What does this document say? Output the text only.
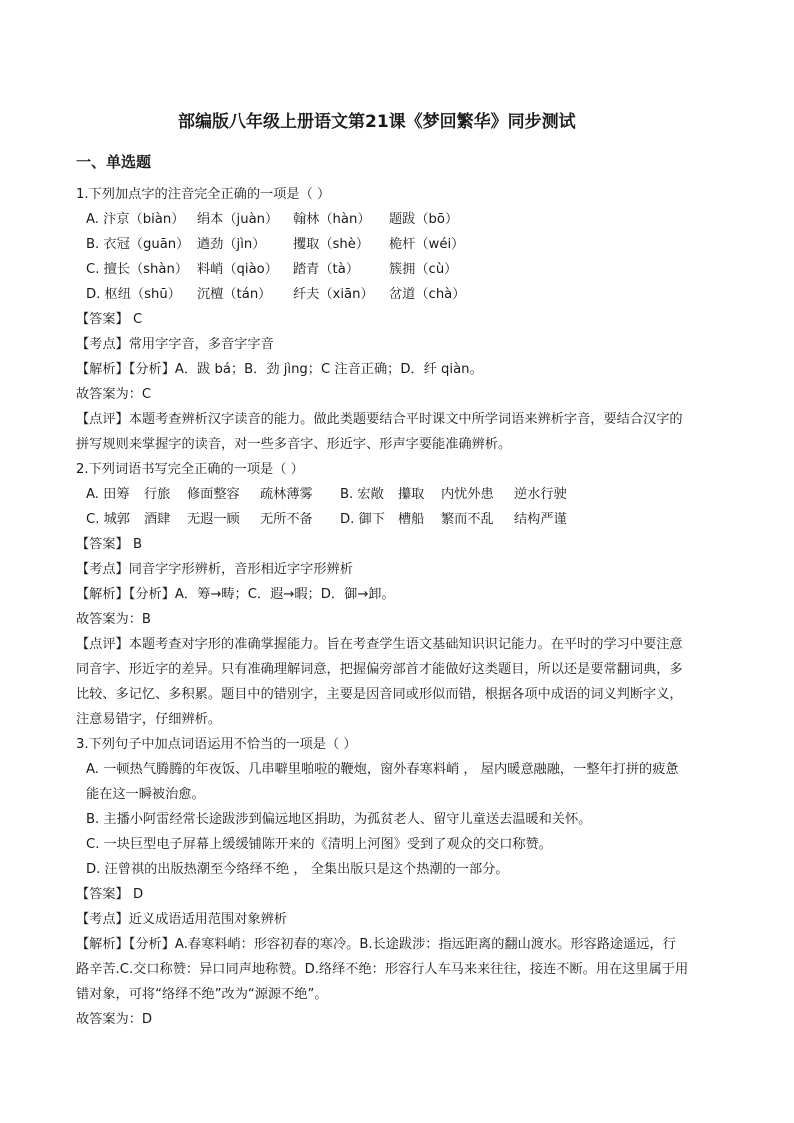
部编版八年级上册语文第21课《梦回繁华》同步测试
一、单选题
1.下列加点字的注音完全正确的一项是（ ）
A. 汴京（biàn） 绢本（juàn） 翰林（hàn） 题跋（bō）
B. 衣冠（guān） 遒劲（jìn） 攫取（shè） 桅杆（wéi）
C. 擅长（shàn） 料峭（qiào） 踏青（tà） 簇拥（cù）
D. 枢纽（shū） 沉檀（tán） 纤夫（xiān） 岔道（chà）
【答案】 C
【考点】常用字字音，多音字字音
【解析】【分析】A．跋 bá；B．劲 jìng；C 注音正确；D．纤 qiàn。
故答案为：C
【点评】本题考查辨析汉字读音的能力。做此类题要结合平时课文中所学词语来辨析字音，要结合汉字的
拼写规则来掌握字的读音，对一些多音字、形近字、形声字要能准确辨析。
2.下列词语书写完全正确的一项是（ ）
A. 田筹 行旅 修面整容 疏林薄雾 B. 宏敞 攥取 内忧外患 逆水行驶
C. 城郭 酒肆 无遐一顾 无所不备 D. 御下 槽船 繁而不乱 结构严谨
【答案】 B
【考点】同音字字形辨析，音形相近字字形辨析
【解析】【分析】A．筹→畴；C．遐→暇；D．御→卸。
故答案为：B
【点评】本题考查对字形的准确掌握能力。旨在考查学生语文基础知识识记能力。在平时的学习中要注意
同音字、形近字的差异。只有准确理解词意，把握偏旁部首才能做好这类题目，所以还是要常翻词典，多
比较、多记忆、多积累。题目中的错别字，主要是因音同或形似而错，根据各项中成语的词义判断字义，
注意易错字，仔细辨析。
3.下列句子中加点词语运用不恰当的一项是（ ）
A. 一顿热气腾腾的年夜饭、几串噼里啪啦的鞭炮，窗外春寒料峭 ， 屋内暖意融融，一整年打拼的疲惫
能在这一瞬被治愈。
B. 主播小阿雷经常长途跋涉到偏远地区捐助，为孤贫老人、留守儿童送去温暖和关怀。
C. 一块巨型电子屏幕上缓缓铺陈开来的《清明上河图》受到了观众的交口称赞。
D. 汪曾祺的出版热潮至今络绎不绝 ， 全集出版只是这个热潮的一部分。
【答案】 D
【考点】近义成语适用范围对象辨析
【解析】【分析】A.春寒料峭：形容初春的寒冷。B.长途跋涉：指远距离的翻山渡水。形容路途遥远，行
路辛苦.C.交口称赞：异口同声地称赞。D.络绎不绝：形容行人车马来来往往，接连不断。用在这里属于用
错对象，可将“络绎不绝”改为“源源不绝”。
故答案为：D
